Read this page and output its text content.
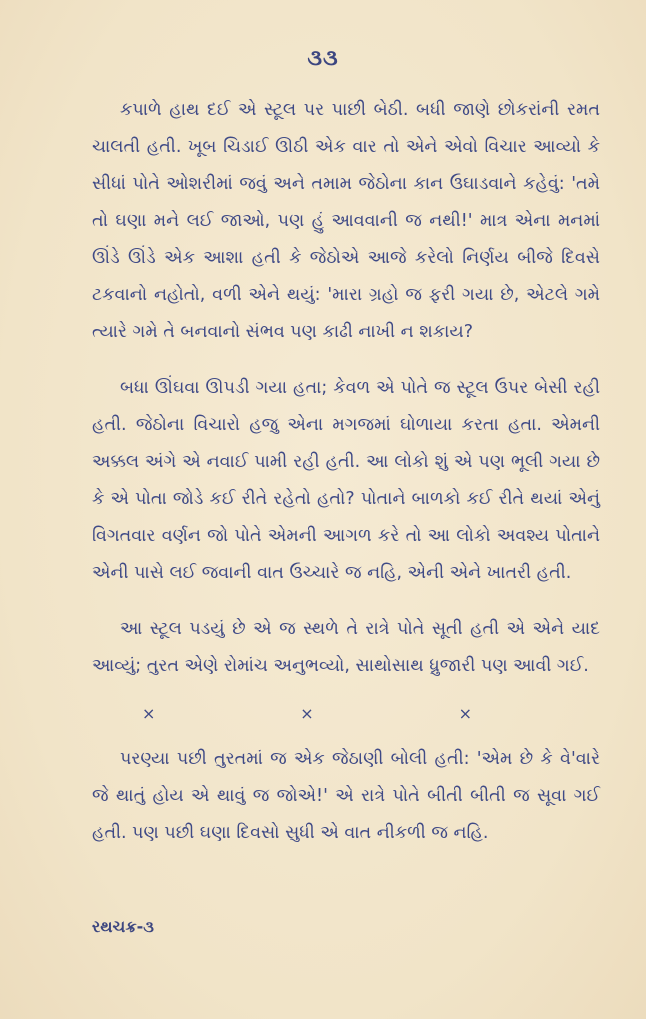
૩૩

કપાળે હાથ દઈ એ સ્ટૂલ પર પાછી બેઠી. બધી જાણે છોકરાંની રમત ચાલતી હતી. ખૂબ ચિડાઈ ઊઠી એક વાર તો એને એવો વિચાર આવ્યો કે સીધાં પોતે ઓશરીમાં જવું અને તમામ જેઠોના કાન ઉઘાડવાને કહેવું: 'તમે તો ઘણા મને લઈ જાઓ, પણ હું આવવાની જ નથી!' માત્ર એના મનમાં ઊંડે ઊંડે એક આશા હતી કે જેઠોએ આજે કરેલો નિર્ણય બીજે દિવસે ટકવાનો નહોતો, વળી એને થયું: 'મારા ગ્રહો જ ફરી ગયા છે, એટલે ગમે ત્યારે ગમે તે બનવાનો સંભવ પણ કાઢી નાખી ન શકાય?

બધા ઊંઘવા ઊપડી ગયા હતા; કેવળ એ પોતે જ સ્ટૂલ ઉપર બેસી રહી હતી. જેઠોના વિચારો હજુ એના મગજમાં ઘોળાયા કરતા હતા. એમની અક્કલ અંગે એ નવાઈ પામી રહી હતી. આ લોકો શું એ પણ ભૂલી ગયા છે કે એ પોતા જોડે કઈ રીતે રહેતો હતો? પોતાને બાળકો કઈ રીતે થયાં એનું વિગતવાર વર્ણન જો પોતે એમની આગળ કરે તો આ લોકો અવશ્ય પોતાને એની પાસે લઈ જવાની વાત ઉચ્ચારે જ નહિ, એની એને ખાતરી હતી.

આ સ્ટૂલ પડયું છે એ જ સ્થળે તે રાત્રે પોતે સૂતી હતી એ એને યાદ આવ્યું; તુરત એણે રોમાંચ અનુભવ્યો, સાથોસાથ ધ્રુજારી પણ આવી ગઈ.

×	×	×

પરણ્યા પછી તુરતમાં જ એક જેઠાણી બોલી હતી: 'એમ છે કે વે'વારે જે થાતું હોય એ થાવું જ જોએ!' એ રાત્રે પોતે બીતી બીતી જ સૂવા ગઈ હતી. પણ પછી ઘણા દિવસો સુધી એ વાત નીકળી જ નહિ.

રથચક્ર-૩
